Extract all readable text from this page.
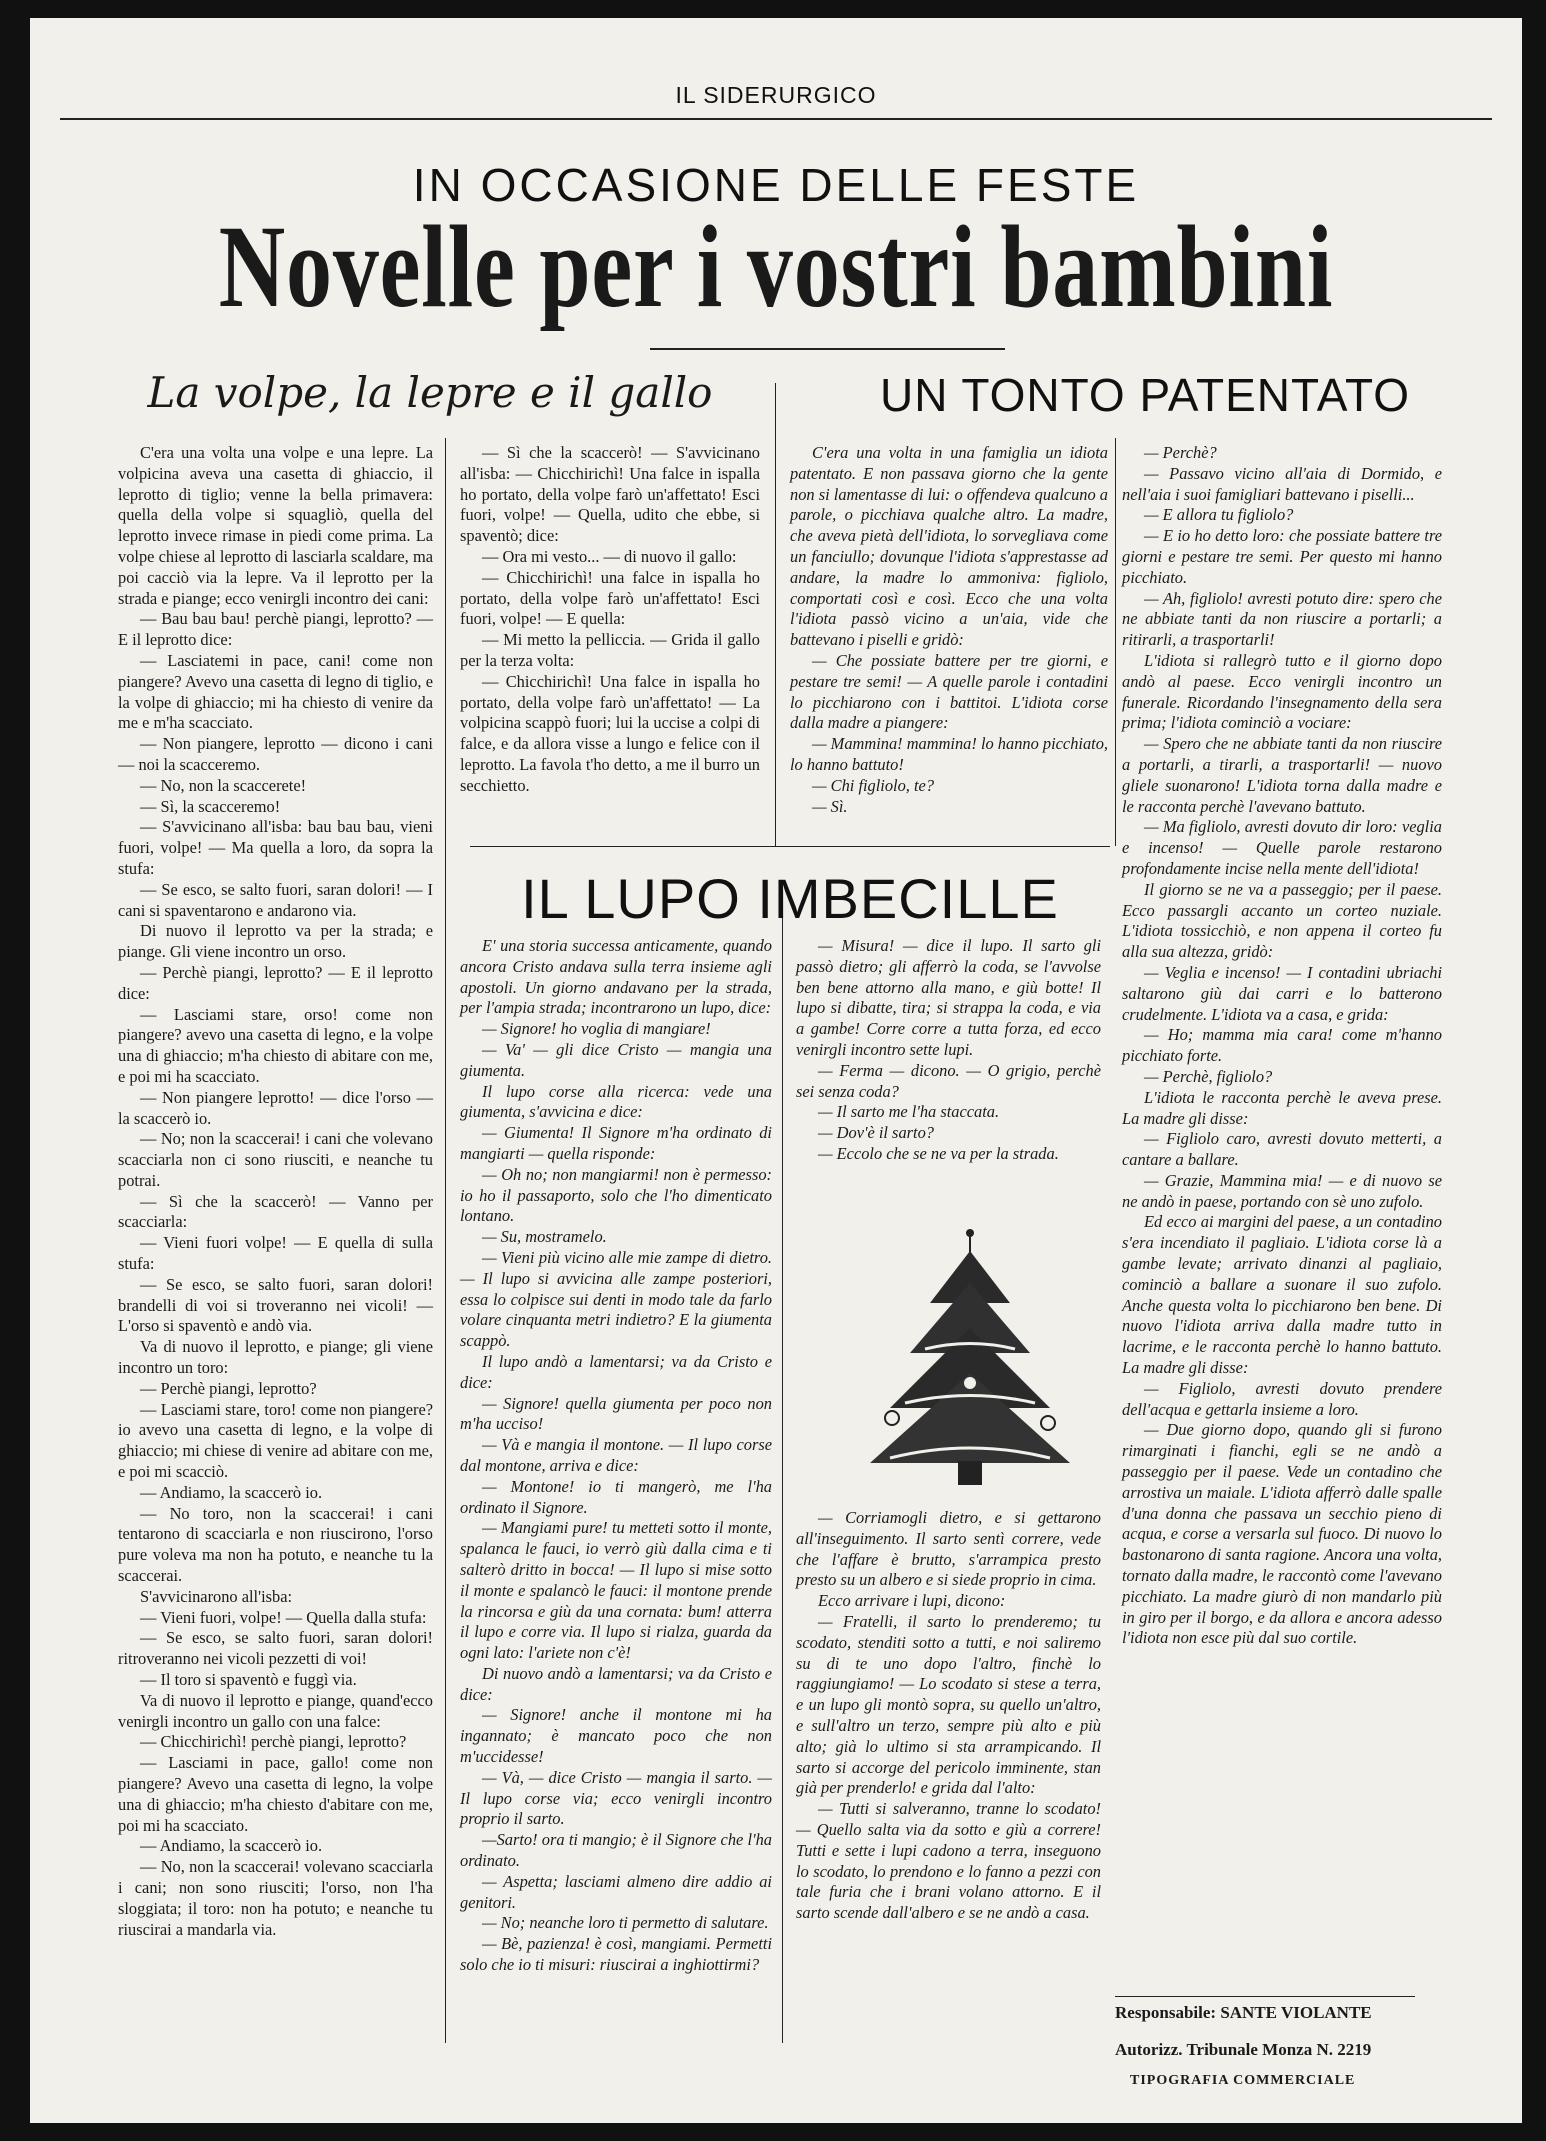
IL SIDERURGICO
IN OCCASIONE DELLE FESTE
Novelle per i vostri bambini
La volpe, la lepre e il gallo	UN TONTO PATENTATO
IL LUPO IMBECILLE

C'era una volta una volpe e una lepre. La volpicina aveva una casetta di ghiaccio, il leprotto di tiglio; venne la bella primavera: quella della volpe si squagliò, quella del leprotto invece rimase in piedi come prima. La volpe chiese al leprotto di lasciarla scaldare, ma poi cacciò via la lepre. Va il leprotto per la strada e piange; ecco venirgli incontro dei cani:

— Bau bau bau! perchè piangi, leprotto? — E il leprotto dice:

— Lasciatemi in pace, cani! come non piangere? Avevo una casetta di legno di tiglio, e la volpe di ghiaccio; mi ha chiesto di venire da me e m'ha scacciato.

— Non piangere, leprotto — dicono i cani — noi la scacceremo.

— No, non la scaccerete!

— Sì, la scacceremo!

— S'avvicinano all'isba: bau bau bau, vieni fuori, volpe! — Ma quella a loro, da sopra la stufa:

— Se esco, se salto fuori, saran dolori! — I cani si spaventarono e andarono via.

Di nuovo il leprotto va per la strada; e piange. Gli viene incontro un orso.

— Perchè piangi, leprotto? — E il leprotto dice:

— Lasciami stare, orso! come non piangere? avevo una casetta di legno, e la volpe una di ghiaccio; m'ha chiesto di abitare con me, e poi mi ha scacciato.

— Non piangere leprotto! — dice l'orso — la scaccerò io.

— No; non la scaccerai! i cani che volevano scacciarla non ci sono riusciti, e neanche tu potrai.

— Sì che la scaccerò! — Vanno per scacciarla:

— Vieni fuori volpe! — E quella di sulla stufa:

— Se esco, se salto fuori, saran dolori! brandelli di voi si troveranno nei vicoli! — L'orso si spaventò e andò via.

Va di nuovo il leprotto, e piange; gli viene incontro un toro:

— Perchè piangi, leprotto?

— Lasciami stare, toro! come non piangere? io avevo una casetta di legno, e la volpe di ghiaccio; mi chiese di venire ad abitare con me, e poi mi scacciò.

— Andiamo, la scaccerò io.

— No toro, non la scaccerai! i cani tentarono di scacciarla e non riuscirono, l'orso pure voleva ma non ha potuto, e neanche tu la scaccerai.

S'avvicinarono all'isba:

— Vieni fuori, volpe! — Quella dalla stufa:

— Se esco, se salto fuori, saran dolori! ritroveranno nei vicoli pezzetti di voi!

— Il toro si spaventò e fuggì via.

Va di nuovo il leprotto e piange, quand'ecco venirgli incontro un gallo con una falce:

— Chicchirichì! perchè piangi, leprotto?

— Lasciami in pace, gallo! come non piangere? Avevo una casetta di legno, la volpe una di ghiaccio; m'ha chiesto d'abitare con me, poi mi ha scacciato.

— Andiamo, la scaccerò io.

— No, non la scaccerai! volevano scacciarla i cani; non sono riusciti; l'orso, non l'ha sloggiata; il toro: non ha potuto; e neanche tu riuscirai a mandarla via.

— Sì che la scaccerò! — S'avvicinano all'isba: — Chicchirichì! Una falce in ispalla ho portato, della volpe farò un'affettato! Esci fuori, volpe! — Quella, udito che ebbe, si spaventò; dice:

— Ora mi vesto... — di nuovo il gallo:

— Chicchirichì! una falce in ispalla ho portato, della volpe farò un'affettato! Esci fuori, volpe! — E quella:

— Mi metto la pelliccia. — Grida il gallo per la terza volta:

— Chicchirichì! Una falce in ispalla ho portato, della volpe farò un'affettato! — La volpicina scappò fuori; lui la uccise a colpi di falce, e da allora visse a lungo e felice con il leprotto. La favola t'ho detto, a me il burro un secchietto.

C'era una volta in una famiglia un idiota patentato. E non passava giorno che la gente non si lamentasse di lui: o offendeva qualcuno a parole, o picchiava qualche altro. La madre, che aveva pietà dell'idiota, lo sorvegliava come un fanciullo; dovunque l'idiota s'apprestasse ad andare, la madre lo ammoniva: figliolo, comportati così e così. Ecco che una volta l'idiota passò vicino a un'aia, vide che battevano i piselli e gridò:

— Che possiate battere per tre giorni, e pestare tre semi! — A quelle parole i contadini lo picchiarono con i battitoi. L'idiota corse dalla madre a piangere:

— Mammina! mammina! lo hanno picchiato, lo hanno battuto!

— Chi figliolo, te?

— Sì.

— Perchè?

— Passavo vicino all'aia di Dormido, e nell'aia i suoi famigliari battevano i piselli...

— E allora tu figliolo?

— E io ho detto loro: che possiate battere tre giorni e pestare tre semi. Per questo mi hanno picchiato.

— Ah, figliolo! avresti potuto dire: spero che ne abbiate tanti da non riuscire a portarli; a ritirarli, a trasportarli!

L'idiota si rallegrò tutto e il giorno dopo andò al paese. Ecco venirgli incontro un funerale. Ricordando l'insegnamento della sera prima; l'idiota cominciò a vociare:

— Spero che ne abbiate tanti da non riuscire a portarli, a tirarli, a trasportarli! — nuovo gliele suonarono! L'idiota torna dalla madre e le racconta perchè l'avevano battuto.

— Ma figliolo, avresti dovuto dir loro: veglia e incenso! — Quelle parole restarono profondamente incise nella mente dell'idiota!

Il giorno se ne va a passeggio; per il paese. Ecco passargli accanto un corteo nuziale. L'idiota tossicchiò, e non appena il corteo fu alla sua altezza, gridò:

— Veglia e incenso! — I contadini ubriachi saltarono giù dai carri e lo batterono crudelmente. L'idiota va a casa, e grida:

— Ho; mamma mia cara! come m'hanno picchiato forte.

— Perchè, figliolo?

L'idiota le racconta perchè le aveva prese. La madre gli disse:

— Figliolo caro, avresti dovuto metterti, a cantare a ballare.

— Grazie, Mammina mia! — e di nuovo se ne andò in paese, portando con sè uno zufolo.

Ed ecco ai margini del paese, a un contadino s'era incendiato il pagliaio. L'idiota corse là a gambe levate; arrivato dinanzi al pagliaio, cominciò a ballare a suonare il suo zufolo. Anche questa volta lo picchiarono ben bene. Di nuovo l'idiota arriva dalla madre tutto in lacrime, e le racconta perchè lo hanno battuto. La madre gli disse:

— Figliolo, avresti dovuto prendere dell'acqua e gettarla insieme a loro.

— Due giorno dopo, quando gli si furono rimarginati i fianchi, egli se ne andò a passeggio per il paese. Vede un contadino che arrostiva un maiale. L'idiota afferrò dalle spalle d'una donna che passava un secchio pieno di acqua, e corse a versarla sul fuoco. Di nuovo lo bastonarono di santa ragione. Ancora una volta, tornato dalla madre, le raccontò come l'avevano picchiato. La madre giurò di non mandarlo più in giro per il borgo, e da allora e ancora adesso l'idiota non esce più dal suo cortile.

E' una storia successa anticamente, quando ancora Cristo andava sulla terra insieme agli apostoli. Un giorno andavano per la strada, per l'ampia strada; incontrarono un lupo, dice:

— Signore! ho voglia di mangiare!

— Va' — gli dice Cristo — mangia una giumenta.

Il lupo corse alla ricerca: vede una giumenta, s'avvicina e dice:

— Giumenta! Il Signore m'ha ordinato di mangiarti — quella risponde:

— Oh no; non mangiarmi! non è permesso: io ho il passaporto, solo che l'ho dimenticato lontano.

— Su, mostramelo.

— Vieni più vicino alle mie zampe di dietro. — Il lupo si avvicina alle zampe posteriori, essa lo colpisce sui denti in modo tale da farlo volare cinquanta metri indietro? E la giumenta scappò.

Il lupo andò a lamentarsi; va da Cristo e dice:

— Signore! quella giumenta per poco non m'ha ucciso!

— Và e mangia il montone. — Il lupo corse dal montone, arriva e dice:

— Montone! io ti mangerò, me l'ha ordinato il Signore.

— Mangiami pure! tu metteti sotto il monte, spalanca le fauci, io verrò giù dalla cima e ti salterò dritto in bocca! — Il lupo si mise sotto il monte e spalancò le fauci: il montone prende la rincorsa e giù da una cornata: bum! atterra il lupo e corre via. Il lupo si rialza, guarda da ogni lato: l'ariete non c'è!

Di nuovo andò a lamentarsi; va da Cristo e dice:

— Signore! anche il montone mi ha ingannato; è mancato poco che non m'uccidesse!

— Và, — dice Cristo — mangia il sarto. — Il lupo corse via; ecco venirgli incontro proprio il sarto.

—Sarto! ora ti mangio; è il Signore che l'ha ordinato.

— Aspetta; lasciami almeno dire addio ai genitori.

— No; neanche loro ti permetto di salutare.

— Bè, pazienza! è così, mangiami. Permetti solo che io ti misuri: riuscirai a inghiottirmi?

— Misura! — dice il lupo. Il sarto gli passò dietro; gli afferrò la coda, se l'avvolse ben bene attorno alla mano, e giù botte! Il lupo si dibatte, tira; si strappa la coda, e via a gambe! Corre corre a tutta forza, ed ecco venirgli incontro sette lupi.

— Ferma — dicono. — O grigio, perchè sei senza coda?

— Il sarto me l'ha staccata.

— Dov'è il sarto?

— Eccolo che se ne va per la strada.

— Corriamogli dietro, e si gettarono all'inseguimento. Il sarto sentì correre, vede che l'affare è brutto, s'arrampica presto presto su un albero e si siede proprio in cima.

Ecco arrivare i lupi, dicono:

— Fratelli, il sarto lo prenderemo; tu scodato, stenditi sotto a tutti, e noi saliremo su di te uno dopo l'altro, finchè lo raggiungiamo! — Lo scodato si stese a terra, e un lupo gli montò sopra, su quello un'altro, e sull'altro un terzo, sempre più alto e più alto; già lo ultimo si sta arrampicando. Il sarto si accorge del pericolo imminente, stan già per prenderlo! e grida dal l'alto:

— Tutti si salveranno, tranne lo scodato! — Quello salta via da sotto e giù a correre! Tutti e sette i lupi cadono a terra, inseguono lo scodato, lo prendono e lo fanno a pezzi con tale furia che i brani volano attorno. E il sarto scende dall'albero e se ne andò a casa.

Responsabile: SANTE VIOLANTE
Autorizz. Tribunale Monza N. 2219
TIPOGRAFIA COMMERCIALE
